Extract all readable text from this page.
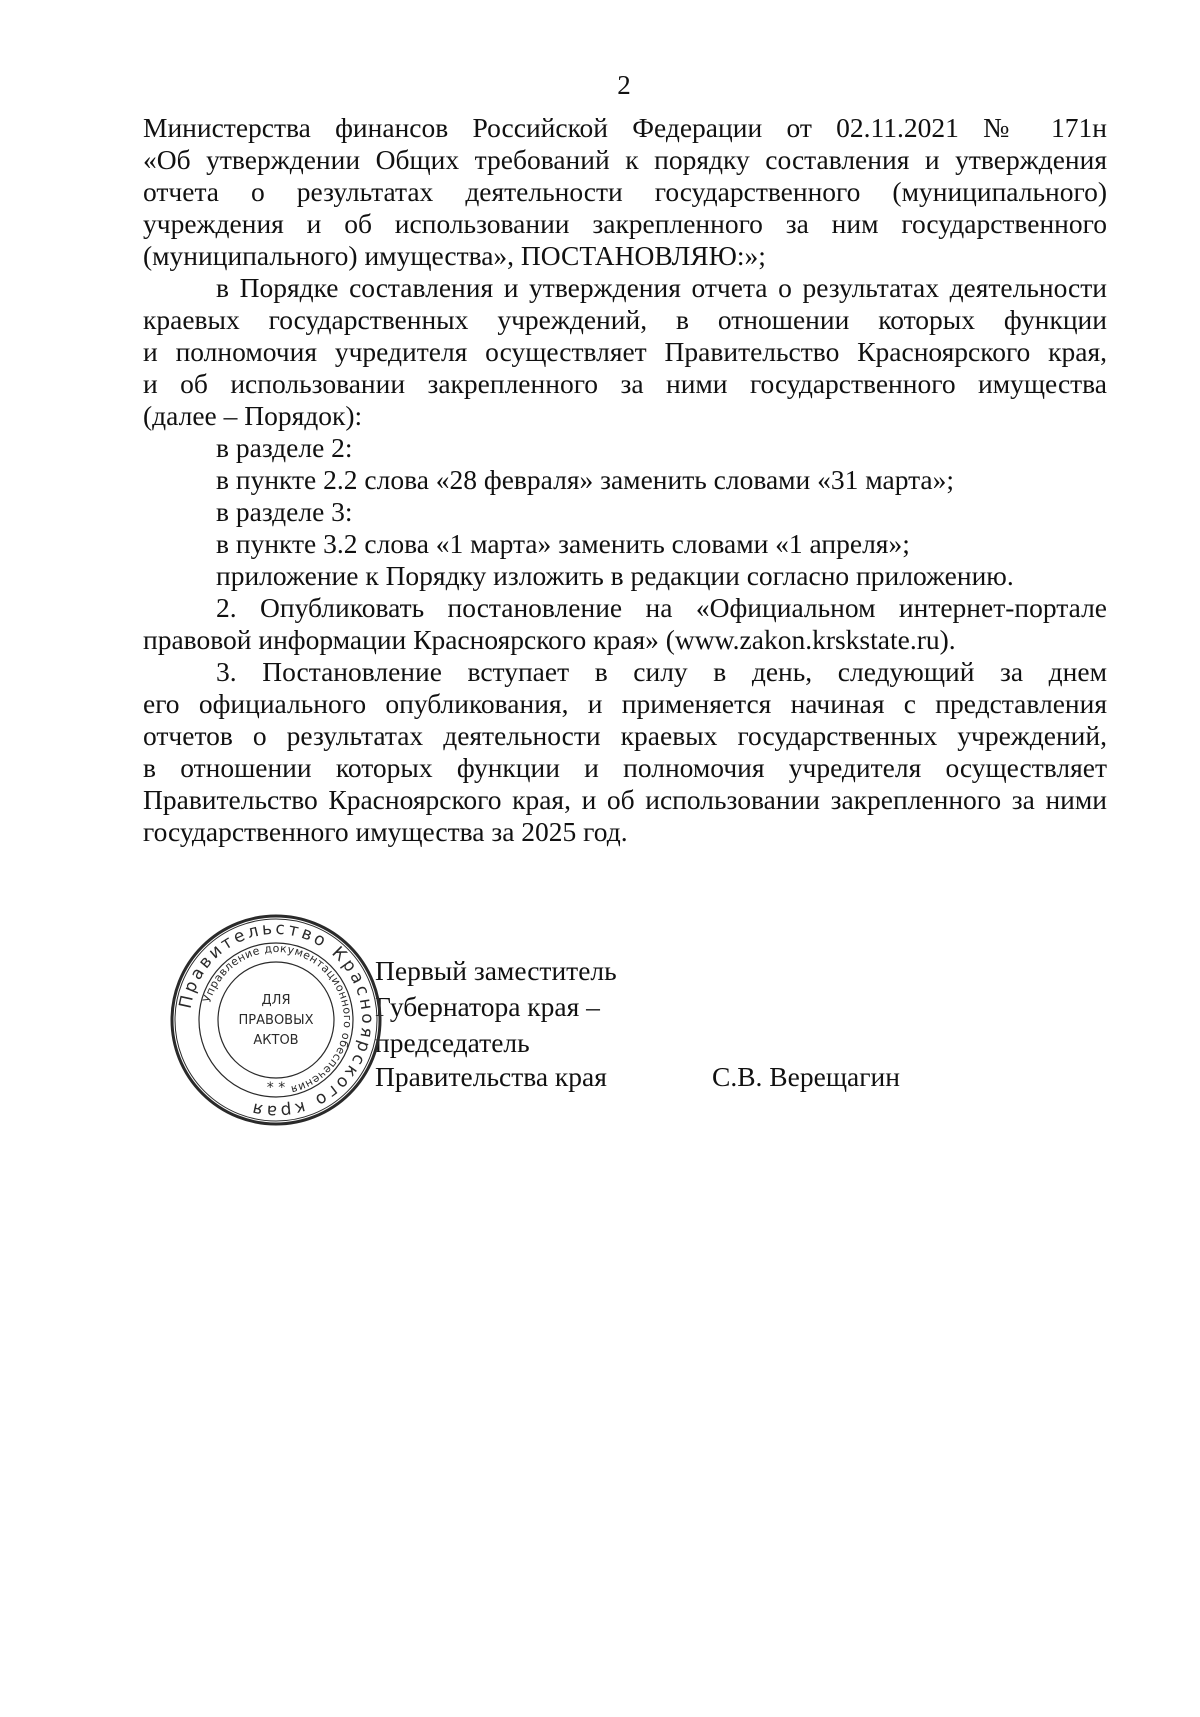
2

Министерства финансов Российской Федерации от 02.11.2021 № 171н

«Об утверждении Общих требований к порядку составления и утверждения

отчета о результатах деятельности государственного (муниципального)

учреждения и об использовании закрепленного за ним государственного

(муниципального) имущества», ПОСТАНОВЛЯЮ:»;

в Порядке составления и утверждения отчета о результатах деятельности

краевых государственных учреждений, в отношении которых функции

и полномочия учредителя осуществляет Правительство Красноярского края,

и об использовании закрепленного за ними государственного имущества

(далее – Порядок):

в разделе 2:

в пункте 2.2 слова «28 февраля» заменить словами «31 марта»;

в разделе 3:

в пункте 3.2 слова «1 марта» заменить словами «1 апреля»;

приложение к Порядку изложить в редакции согласно приложению.

2. Опубликовать постановление на «Официальном интернет-портале

правовой информации Красноярского края» (www.zakon.krskstate.ru).

3. Постановление вступает в силу в день, следующий за днем

его официального опубликования, и применяется начиная с представления

отчетов о результатах деятельности краевых государственных учреждений,

в отношении которых функции и полномочия учредителя осуществляет

Правительство Красноярского края, и об использовании закрепленного за ними

государственного имущества за 2025 год.

Первый заместитель
Губернатора края –
председатель
Правительства края	С.В. Верещагин
Правительство Красноярского края
Управление документационного обеспечения
ДЛЯ
ПРАВОВЫХ
АКТОВ
* *
